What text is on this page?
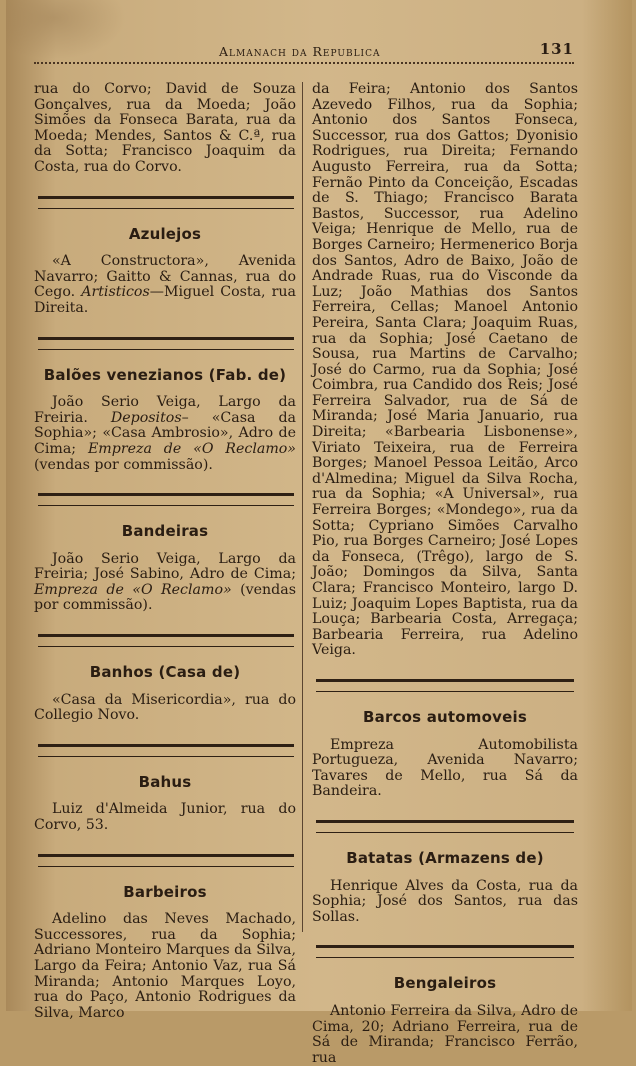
Almanach da Republica	131

rua do Corvo; David de Souza Gonçalves, rua da Moeda; João Simões da Fonseca Barata, rua da Moeda; Mendes, Santos & C.ª, rua da Sotta; Francisco Joaquim da Costa, rua do Corvo.

Azulejos

«A Constructora», Avenida Navarro; Gaitto & Cannas, rua do Cego. Artisticos—Miguel Costa, rua Direita.

Balões venezianos (Fab. de)

João Serio Veiga, Largo da Freiria. Depositos– «Casa da Sophia»; «Casa Ambrosio», Adro de Cima; Empreza de «O Reclamo» (vendas por commissão).

Bandeiras

João Serio Veiga, Largo da Freiria; José Sabino, Adro de Cima; Empreza de «O Reclamo» (vendas por commissão).

Banhos (Casa de)

«Casa da Misericordia», rua do Collegio Novo.

Bahus

Luiz d'Almeida Junior, rua do Corvo, 53.

Barbeiros

Adelino das Neves Machado, Successores, rua da Sophia; Adriano Monteiro Marques da Silva, Largo da Feira; Antonio Vaz, rua Sá Miranda; Antonio Marques Loyo, rua do Paço, Antonio Rodrigues da Silva, Marco

da Feira; Antonio dos Santos Azevedo Filhos, rua da Sophia; Antonio dos Santos Fonseca, Successor, rua dos Gattos; Dyonisio Rodrigues, rua Direita; Fernando Augusto Ferreira, rua da Sotta; Fernão Pinto da Conceição, Escadas de S. Thiago; Francisco Barata Bastos, Successor, rua Adelino Veiga; Henrique de Mello, rua de Borges Carneiro; Hermenerico Borja dos Santos, Adro de Baixo, João de Andrade Ruas, rua do Visconde da Luz; João Mathias dos Santos Ferreira, Cellas; Manoel Antonio Pereira, Santa Clara; Joaquim Ruas, rua da Sophia; José Caetano de Sousa, rua Martins de Carvalho; José do Carmo, rua da Sophia; José Coimbra, rua Candido dos Reis; José Ferreira Salvador, rua de Sá de Miranda; José Maria Januario, rua Direita; «Barbearia Lisbonense», Viriato Teixeira, rua de Ferreira Borges; Manoel Pessoa Leitão, Arco d'Almedina; Miguel da Silva Rocha, rua da Sophia; «A Universal», rua Ferreira Borges; «Mondego», rua da Sotta; Cypriano Simões Carvalho Pio, rua Borges Carneiro; José Lopes da Fonseca, (Trêgo), largo de S. João; Domingos da Silva, Santa Clara; Francisco Monteiro, largo D. Luiz; Joaquim Lopes Baptista, rua da Louça; Barbearia Costa, Arregaça; Barbearia Ferreira, rua Adelino Veiga.

Barcos automoveis

Empreza Automobilista Portugueza, Avenida Navarro; Tavares de Mello, rua Sá da Bandeira.

Batatas (Armazens de)

Henrique Alves da Costa, rua da Sophia; José dos Santos, rua das Sollas.

Bengaleiros

Antonio Ferreira da Silva, Adro de Cima, 20; Adriano Ferreira, rua de Sá de Miranda; Francisco Ferrão, rua
